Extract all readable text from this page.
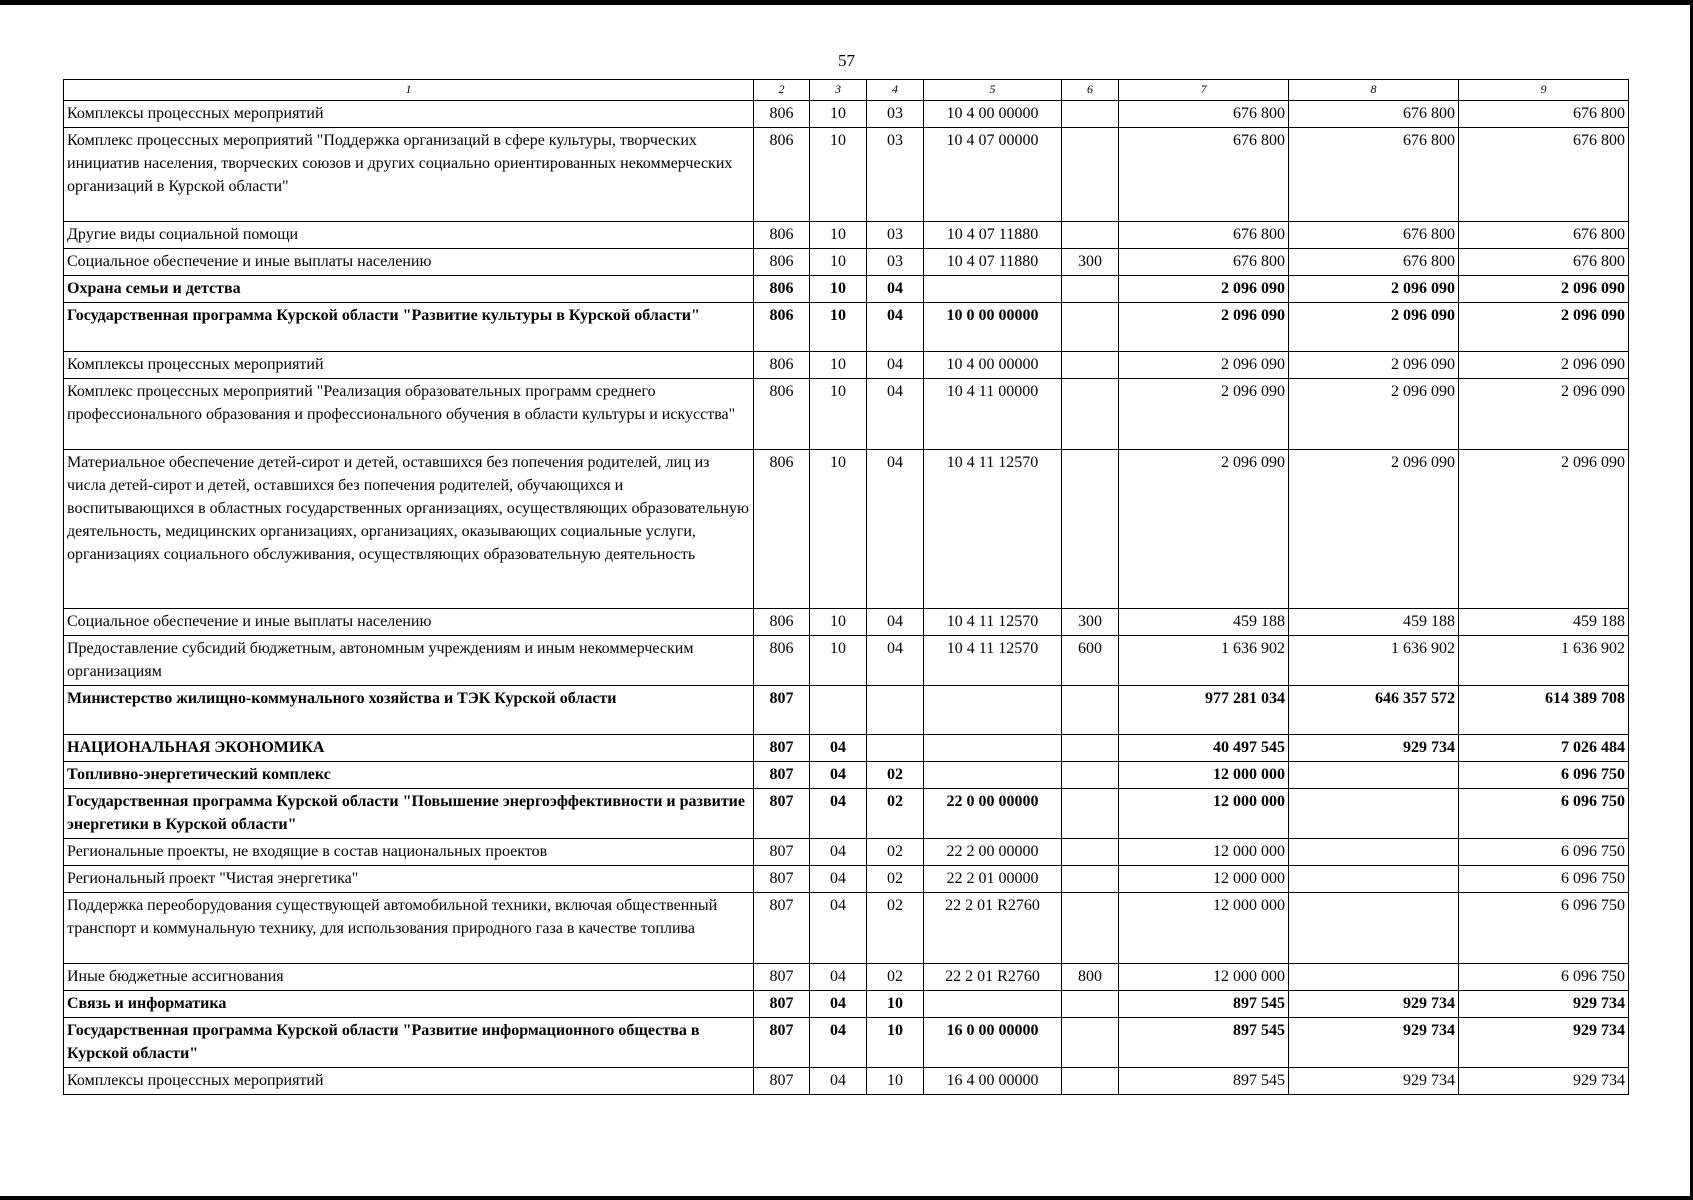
57
1	2	3	4	5	6	7	8	9
Комплексы процессных мероприятий	806	10	03	10 4 00 00000		676 800	676 800	676 800
Комплекс процессных мероприятий "Поддержка организаций в сфере культуры, творческих инициатив населения, творческих союзов и других социально ориентированных некоммерческих организаций в Курской области"	806	10	03	10 4 07 00000		676 800	676 800	676 800
Другие виды социальной помощи	806	10	03	10 4 07 11880		676 800	676 800	676 800
Социальное обеспечение и иные выплаты населению	806	10	03	10 4 07 11880	300	676 800	676 800	676 800
Охрана семьи и детства	806	10	04			2 096 090	2 096 090	2 096 090
Государственная программа Курской области "Развитие культуры в Курской области"	806	10	04	10 0 00 00000		2 096 090	2 096 090	2 096 090
Комплексы процессных мероприятий	806	10	04	10 4 00 00000		2 096 090	2 096 090	2 096 090
Комплекс процессных мероприятий "Реализация образовательных программ среднего профессионального образования и профессионального обучения в области культуры и искусства"	806	10	04	10 4 11 00000		2 096 090	2 096 090	2 096 090
Материальное обеспечение детей-сирот и детей, оставшихся без попечения родителей, лиц из числа детей-сирот и детей, оставшихся без попечения родителей, обучающихся и воспитывающихся в областных государственных организациях, осуществляющих образовательную деятельность, медицинских организациях, организациях, оказывающих социальные услуги, организациях социального обслуживания, осуществляющих образовательную деятельность	806	10	04	10 4 11 12570		2 096 090	2 096 090	2 096 090
Социальное обеспечение и иные выплаты населению	806	10	04	10 4 11 12570	300	459 188	459 188	459 188
Предоставление субсидий бюджетным, автономным учреждениям и иным некоммерческим организациям	806	10	04	10 4 11 12570	600	1 636 902	1 636 902	1 636 902
Министерство жилищно-коммунального хозяйства и ТЭК Курской области	807					977 281 034	646 357 572	614 389 708
НАЦИОНАЛЬНАЯ ЭКОНОМИКА	807	04				40 497 545	929 734	7 026 484
Топливно-энергетический комплекс	807	04	02			12 000 000		6 096 750
Государственная программа Курской области "Повышение энергоэффективности и развитие энергетики в Курской области"	807	04	02	22 0 00 00000		12 000 000		6 096 750
Региональные проекты, не входящие в состав национальных проектов	807	04	02	22 2 00 00000		12 000 000		6 096 750
Региональный проект "Чистая энергетика"	807	04	02	22 2 01 00000		12 000 000		6 096 750
Поддержка переоборудования существующей автомобильной техники, включая общественный транспорт и коммунальную технику, для использования природного газа в качестве топлива	807	04	02	22 2 01 R2760		12 000 000		6 096 750
Иные бюджетные ассигнования	807	04	02	22 2 01 R2760	800	12 000 000		6 096 750
Связь и информатика	807	04	10			897 545	929 734	929 734
Государственная программа Курской области "Развитие информационного общества в Курской области"	807	04	10	16 0 00 00000		897 545	929 734	929 734
Комплексы процессных мероприятий	807	04	10	16 4 00 00000		897 545	929 734	929 734
